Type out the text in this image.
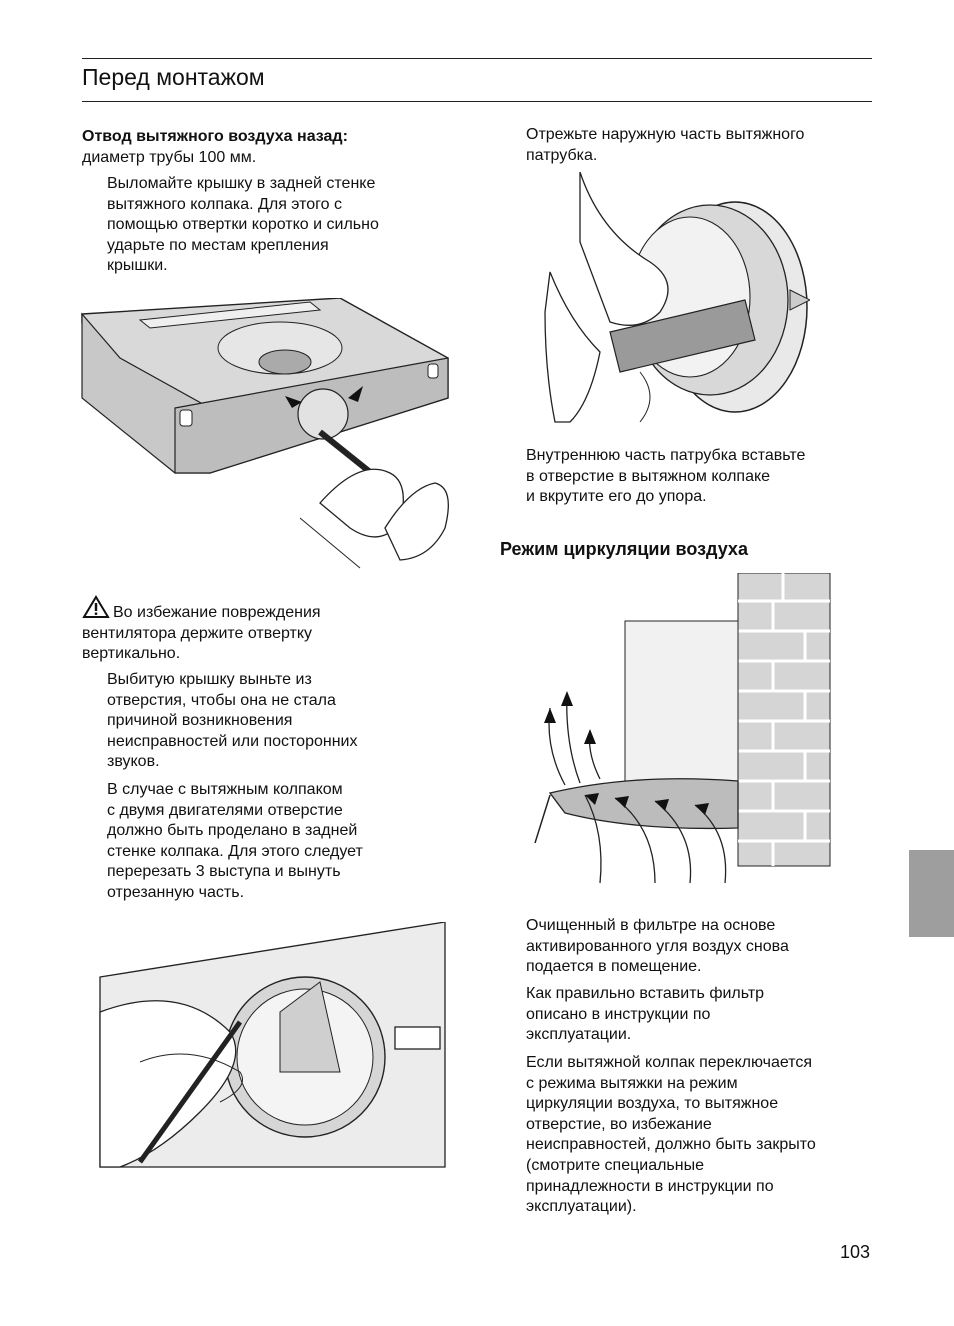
Перед монтажом
Отвод вытяжного воздуха назад:
диаметр трубы 100 мм.
Выломайте крышку в задней стенке
вытяжного колпака. Для этого с
помощью отвертки коротко и сильно
ударьте по местам крепления
крышки.
Во избежание повреждения
вентилятора держите отвертку
вертикально.
Выбитую крышку выньте из
отверстия, чтобы она не стала
причиной возникновения
неисправностей или посторонних
звуков.
В случае с вытяжным колпаком
с двумя двигателями отверстие
должно быть проделано в задней
стенке колпака. Для этого следует
перерезать 3 выступа и вынуть
отрезанную часть.
Отрежьте наружную часть вытяжного
патрубка.
Внутреннюю часть патрубка вставьте
в отверстие в вытяжном колпаке
и вкрутите его до упора.
Режим циркуляции воздуха
Очищенный в фильтре на основе
активированного угля воздух снова
подается в помещение.
Как правильно вставить фильтр
описано в инструкции по
эксплуатации.
Если вытяжной колпак переключается
с режима вытяжки на режим
циркуляции воздуха, то вытяжное
отверстие, во избежание
неисправностей, должно быть закрыто
(смотрите специальные
принадлежности в инструкции по
эксплуатации).
103
